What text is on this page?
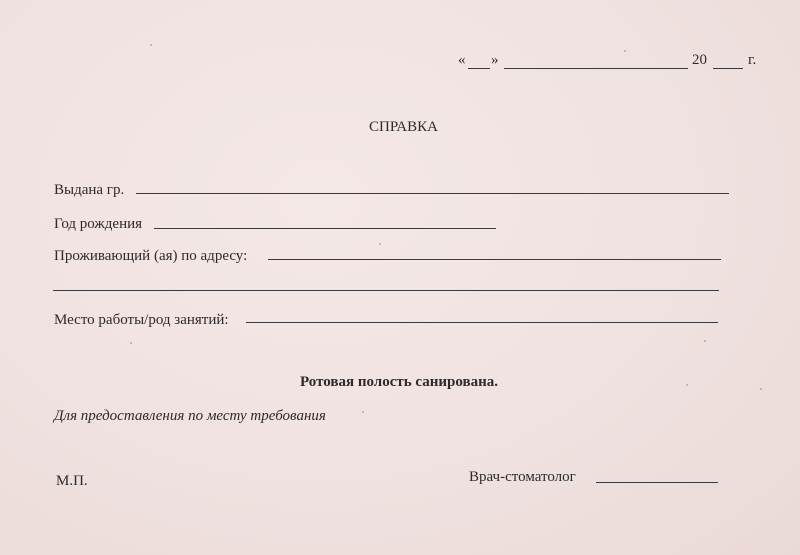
« »	20	г.
СПРАВКА
Выдана гр.
Год рождения
Проживающий (ая) по адресу:
Место работы/род занятий:
Ротовая полость санирована.
Для предоставления по месту требования
М.П.	Врач-стоматолог
